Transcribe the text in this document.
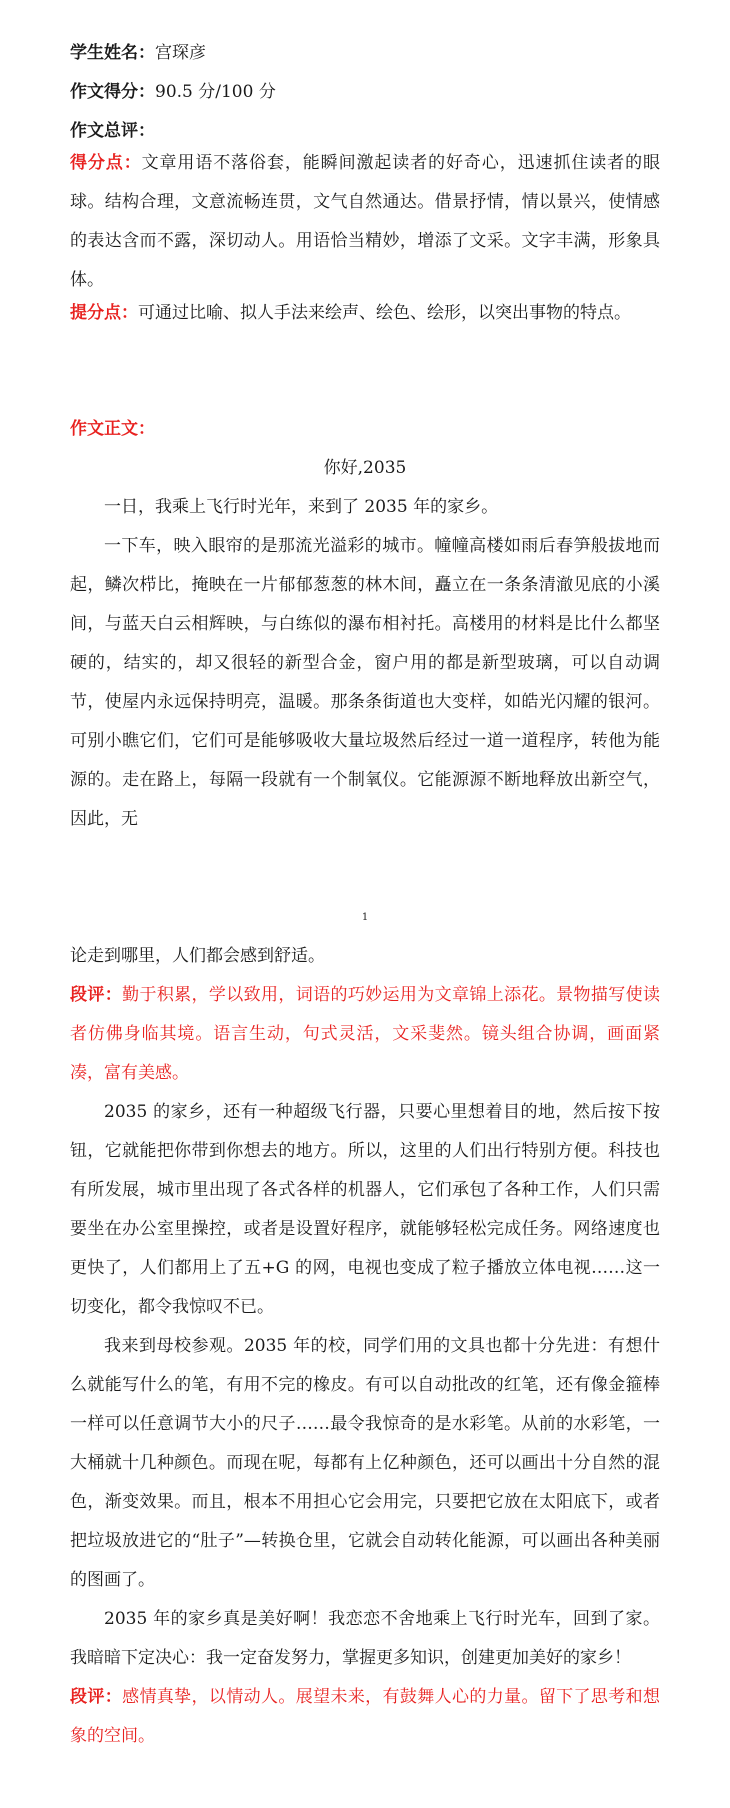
学生姓名：宫琛彦

作文得分：90.5 分/100 分

作文总评：

得分点：文章用语不落俗套，能瞬间激起读者的好奇心，迅速抓住读者的眼球。结构合理，文意流畅连贯，文气自然通达。借景抒情，情以景兴，使情感的表达含而不露，深切动人。用语恰当精妙，增添了文采。文字丰满，形象具体。

提分点：可通过比喻、拟人手法来绘声、绘色、绘形，以突出事物的特点。

作文正文：

你好,2035

一日，我乘上飞行时光年，来到了 2035 年的家乡。

一下车，映入眼帘的是那流光溢彩的城市。幢幢高楼如雨后春笋般拔地而起，鳞次栉比，掩映在一片郁郁葱葱的林木间，矗立在一条条清澈见底的小溪间，与蓝天白云相辉映，与白练似的瀑布相衬托。高楼用的材料是比什么都坚硬的，结实的，却又很轻的新型合金，窗户用的都是新型玻璃，可以自动调节，使屋内永远保持明亮，温暖。那条条街道也大变样，如皓光闪耀的银河。可别小瞧它们，它们可是能够吸收大量垃圾然后经过一道一道程序，转他为能源的。走在路上，每隔一段就有一个制氧仪。它能源源不断地释放出新空气，因此，无

1

论走到哪里，人们都会感到舒适。

段评：勤于积累，学以致用，词语的巧妙运用为文章锦上添花。景物描写使读者仿佛身临其境。语言生动，句式灵活，文采斐然。镜头组合协调，画面紧凑，富有美感。

2035 的家乡，还有一种超级飞行器，只要心里想着目的地，然后按下按钮，它就能把你带到你想去的地方。所以，这里的人们出行特别方便。科技也有所发展，城市里出现了各式各样的机器人，它们承包了各种工作，人们只需要坐在办公室里操控，或者是设置好程序，就能够轻松完成任务。网络速度也更快了，人们都用上了五+G 的网，电视也变成了粒子播放立体电视……这一切变化，都令我惊叹不已。

我来到母校参观。2035 年的校，同学们用的文具也都十分先进：有想什么就能写什么的笔，有用不完的橡皮。有可以自动批改的红笔，还有像金箍棒一样可以任意调节大小的尺子……最令我惊奇的是水彩笔。从前的水彩笔，一大桶就十几种颜色。而现在呢，每都有上亿种颜色，还可以画出十分自然的混色，渐变效果。而且，根本不用担心它会用完，只要把它放在太阳底下，或者把垃圾放进它的“肚子”—转换仓里，它就会自动转化能源，可以画出各种美丽的图画了。

2035 年的家乡真是美好啊！我恋恋不舍地乘上飞行时光车，回到了家。我暗暗下定决心：我一定奋发努力，掌握更多知识，创建更加美好的家乡！

段评：感情真挚，以情动人。展望未来，有鼓舞人心的力量。留下了思考和想象的空间。
